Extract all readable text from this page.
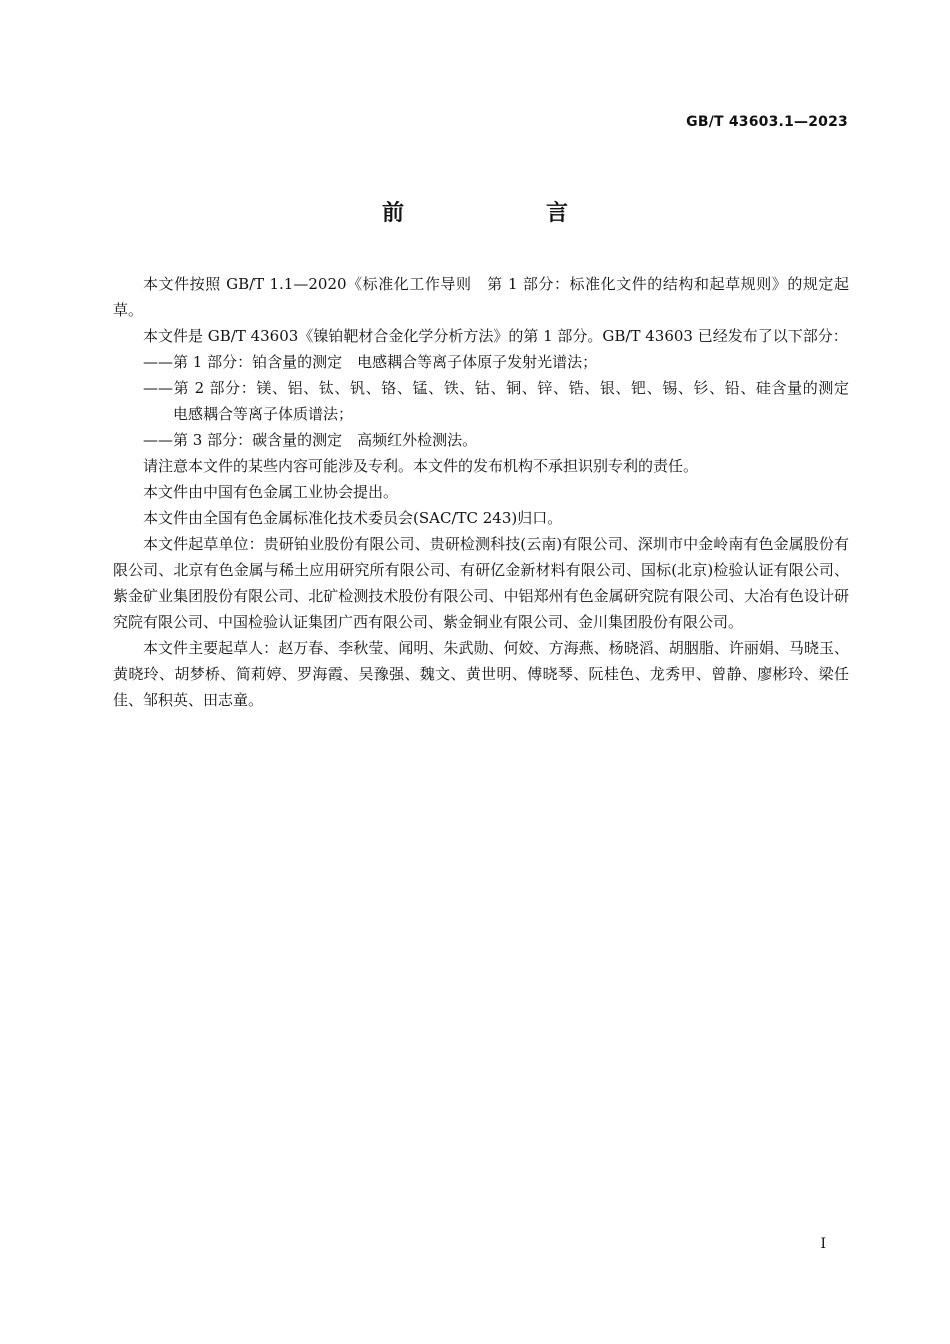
GB/T 43603.1—2023
前　言

本文件按照 GB/T 1.1—2020《标准化工作导则　第 1 部分：标准化文件的结构和起草规则》的规定起草。

本文件是 GB/T 43603《镍铂靶材合金化学分析方法》的第 1 部分。GB/T 43603 已经发布了以下部分：

——第 1 部分：铂含量的测定　电感耦合等离子体原子发射光谱法；
——第 2 部分：镁、铝、钛、钒、铬、锰、铁、钴、铜、锌、锆、银、钯、锡、钐、铅、硅含量的测定　电感耦合等离子体质谱法；
——第 3 部分：碳含量的测定　高频红外检测法。

请注意本文件的某些内容可能涉及专利。本文件的发布机构不承担识别专利的责任。

本文件由中国有色金属工业协会提出。

本文件由全国有色金属标准化技术委员会(SAC/TC 243)归口。

本文件起草单位：贵研铂业股份有限公司、贵研检测科技(云南)有限公司、深圳市中金岭南有色金属股份有限公司、北京有色金属与稀土应用研究所有限公司、有研亿金新材料有限公司、国标(北京)检验认证有限公司、紫金矿业集团股份有限公司、北矿检测技术股份有限公司、中铝郑州有色金属研究院有限公司、大冶有色设计研究院有限公司、中国检验认证集团广西有限公司、紫金铜业有限公司、金川集团股份有限公司。

本文件主要起草人：赵万春、李秋莹、闻明、朱武勋、何姣、方海燕、杨晓滔、胡胭脂、许丽娟、马晓玉、黄晓玲、胡梦桥、简莉婷、罗海霞、吴豫强、魏文、黄世明、傅晓琴、阮桂色、龙秀甲、曾静、廖彬玲、梁任佳、邹积英、田志童。

I
